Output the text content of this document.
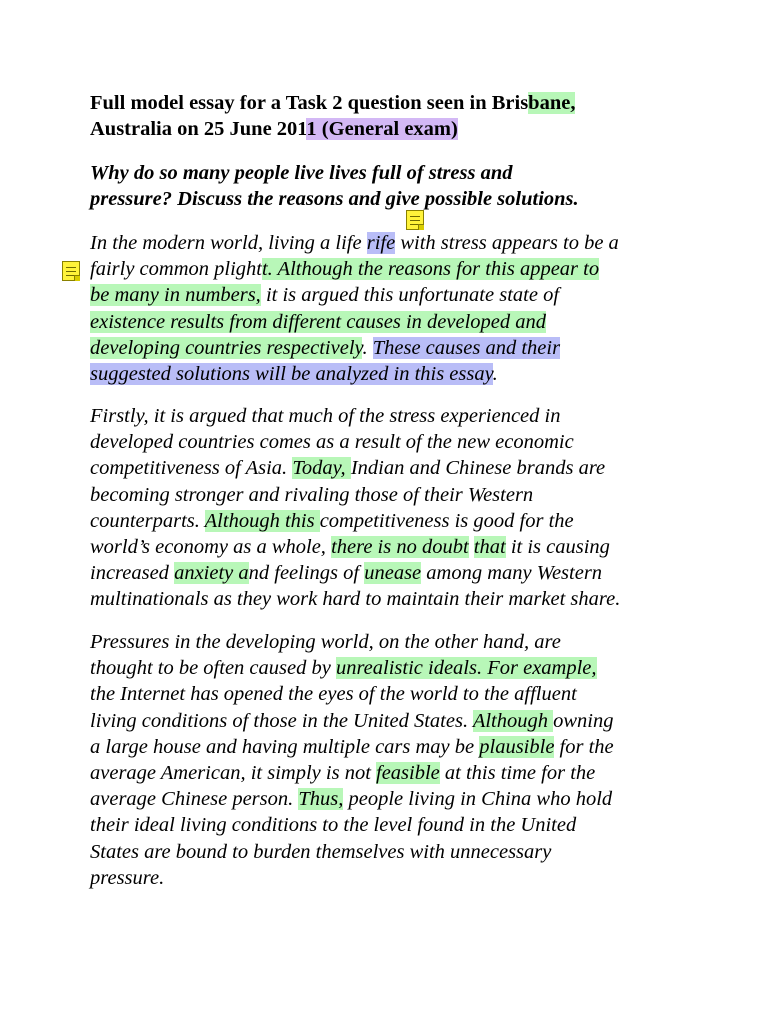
Full model essay for a Task 2 question seen in Brisbane,
Australia on 25 June 2011 (General exam)

Why do so many people live lives full of stress and
pressure? Discuss the reasons and give possible solutions.

In the modern world, living a life rife with stress appears to be a
fairly common plightt. Although the reasons for this appear to
be many in numbers, it is argued this unfortunate state of
existence results from different causes in developed and
developing countries respectively. These causes and their
suggested solutions will be analyzed in this essay.

Firstly, it is argued that much of the stress experienced in
developed countries comes as a result of the new economic
competitiveness of Asia. Today, Indian and Chinese brands are
becoming stronger and rivaling those of their Western
counterparts. Although this competitiveness is good for the
world’s economy as a whole, there is no doubt that it is causing
increased anxiety and feelings of unease among many Western
multinationals as they work hard to maintain their market share.

Pressures in the developing world, on the other hand, are
thought to be often caused by unrealistic ideals. For example,
the Internet has opened the eyes of the world to the affluent
living conditions of those in the United States. Although owning
a large house and having multiple cars may be plausible for the
average American, it simply is not feasible at this time for the
average Chinese person. Thus, people living in China who hold
their ideal living conditions to the level found in the United
States are bound to burden themselves with unnecessary
pressure.
